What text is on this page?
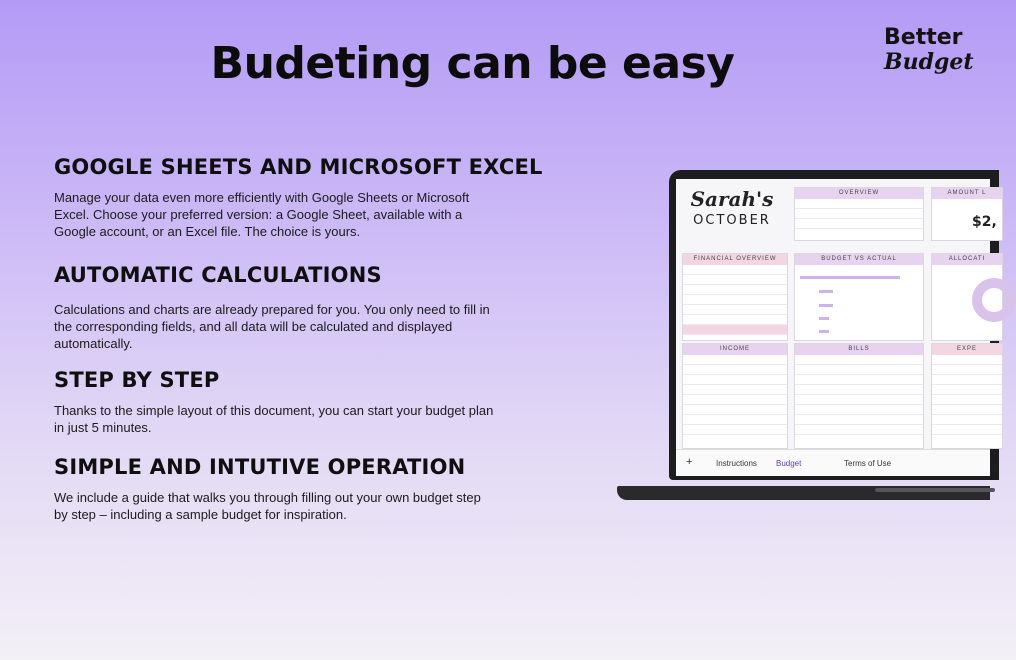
Budeting can be easy
Better
Budget
GOOGLE SHEETS AND MICROSOFT EXCEL

Manage your data even more efficiently with Google Sheets or Microsoft Excel. Choose your preferred version: a Google Sheet, available with a Google account, or an Excel file. The choice is yours.

AUTOMATIC CALCULATIONS

Calculations and charts are already prepared for you. You only need to fill in the corresponding fields, and all data will be calculated and displayed automatically.

STEP BY STEP

Thanks to the simple layout of this document, you can start your budget plan in just 5 minutes.

SIMPLE AND INTUTIVE OPERATION

We include a guide that walks you through filling out your own budget step by step – including a sample budget for inspiration.

Sarah's
OCTOBER

OVERVIEW	AMOUNT L
$2,
FINANCIAL OVERVIEW	BUDGET VS ACTUAL	ALLOCATI
INCOME	BILLS	EXPE
+	Instructions Budget	Terms of Use
